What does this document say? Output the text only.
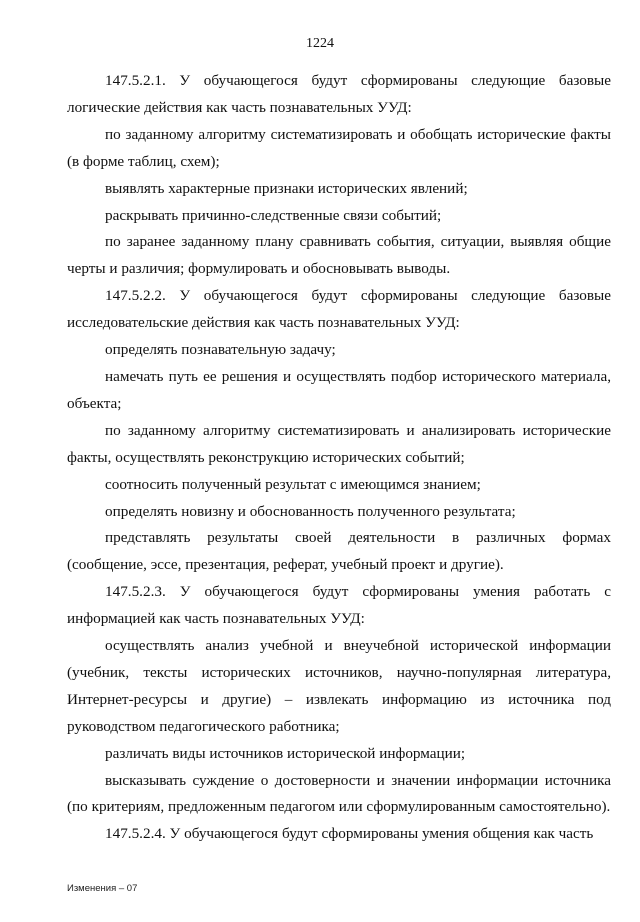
1224

147.5.2.1. У обучающегося будут сформированы следующие базовые логические действия как часть познавательных УУД:

по заданному алгоритму систематизировать и обобщать исторические факты (в форме таблиц, схем);

выявлять характерные признаки исторических явлений;

раскрывать причинно-следственные связи событий;

по заранее заданному плану сравнивать события, ситуации, выявляя общие черты и различия; формулировать и обосновывать выводы.

147.5.2.2. У обучающегося будут сформированы следующие базовые исследовательские действия как часть познавательных УУД:

определять познавательную задачу;

намечать путь ее решения и осуществлять подбор исторического материала, объекта;

по заданному алгоритму систематизировать и анализировать исторические факты, осуществлять реконструкцию исторических событий;

соотносить полученный результат с имеющимся знанием;

определять новизну и обоснованность полученного результата;

представлять результаты своей деятельности в различных формах (сообщение, эссе, презентация, реферат, учебный проект и другие).

147.5.2.3. У обучающегося будут сформированы умения работать с информацией как часть познавательных УУД:

осуществлять анализ учебной и внеучебной исторической информации (учебник, тексты исторических источников, научно-популярная литература, Интернет-ресурсы и другие) – извлекать информацию из источника под руководством педагогического работника;

различать виды источников исторической информации;

высказывать суждение о достоверности и значении информации источника (по критериям, предложенным педагогом или сформулированным самостоятельно).

147.5.2.4. У обучающегося будут сформированы умения общения как часть

Изменения – 07
